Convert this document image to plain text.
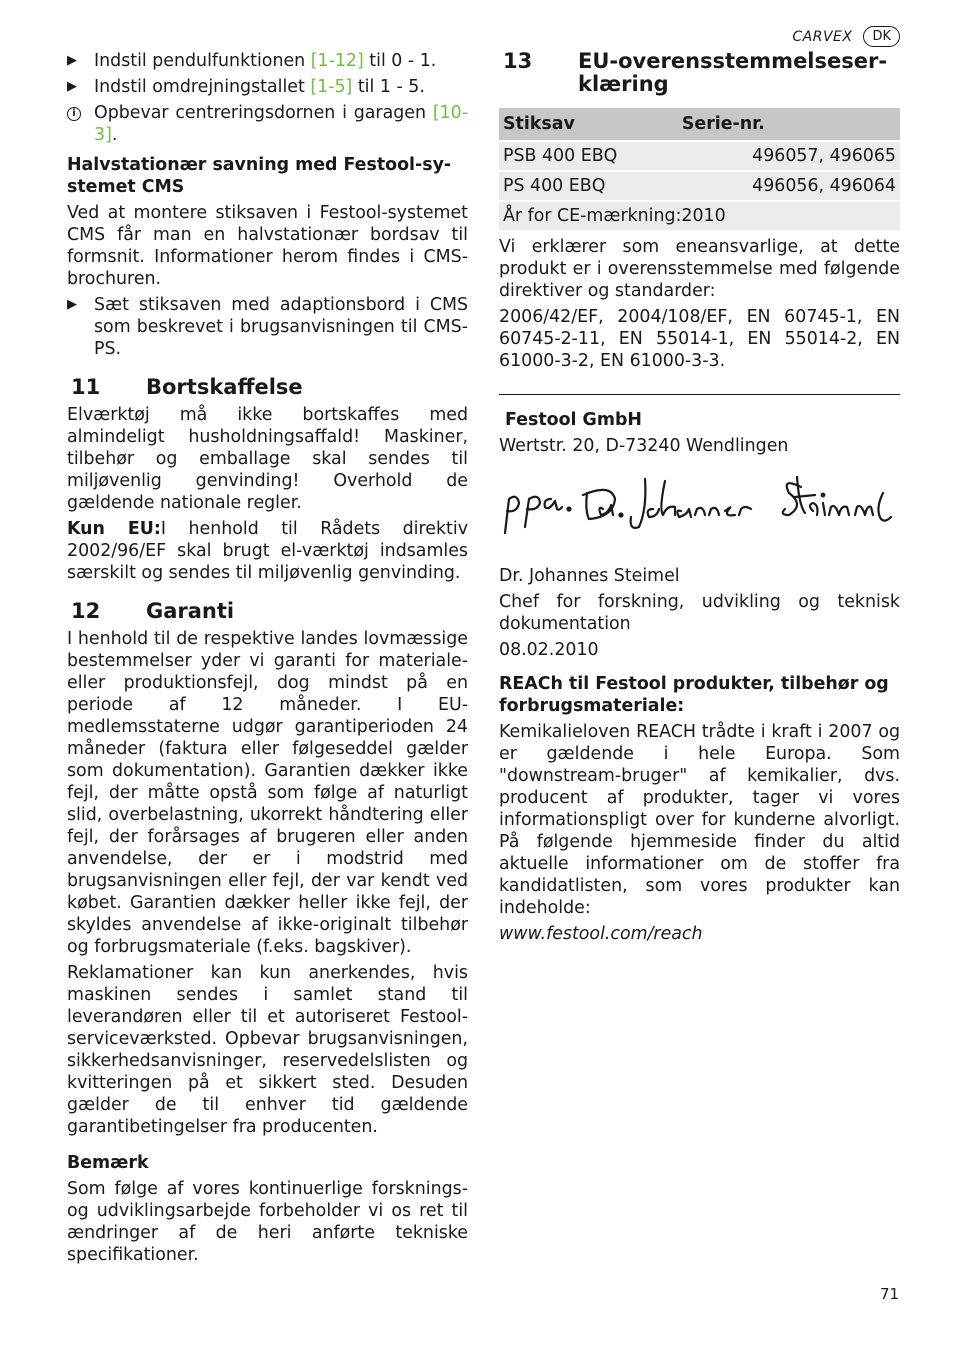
CARVEX	DK
▶ Indstil pendulfunktionen [1-12] til 0 - 1.
▶ Indstil omdrejningstallet [1-5] til 1 - 5.
i	Opbevar centreringsdornen i garagen [10-3].
Halvstationær savning med Festool-sy-stemet CMS

Ved at montere stiksaven i Festool-systemet CMS får man en halvstationær bordsav til formsnit. Informationer herom findes i CMS-brochuren.

▶ Sæt stiksaven med adaptionsbord i CMS som beskrevet i brugsanvisningen til CMS-PS.
11	Bortskaffelse

Elværktøj må ikke bortskaffes med almindeligt husholdningsaffald! Maskiner, tilbehør og emballage skal sendes til miljøvenlig genvinding! Overhold de gældende nationale regler.

Kun EU:I henhold til Rådets direktiv 2002/96/EF skal brugt el-værktøj indsamles særskilt og sendes til miljøvenlig genvinding.

12	Garanti

I henhold til de respektive landes lovmæssige bestemmelser yder vi garanti for materiale- eller produktionsfejl, dog mindst på en periode af 12 måneder. I EU-medlemsstaterne udgør garantiperioden 24 måneder (faktura eller følgeseddel gælder som dokumentation). Garantien dækker ikke fejl, der måtte opstå som følge af naturligt slid, overbelastning, ukorrekt håndtering eller fejl, der forårsages af brugeren eller anden anvendelse, der er i modstrid med brugsanvisningen eller fejl, der var kendt ved købet. Garantien dækker heller ikke fejl, der skyldes anvendelse af ikke-originalt tilbehør og forbrugsmateriale (f.eks. bagskiver).

Reklamationer kan kun anerkendes, hvis maskinen sendes i samlet stand til leverandøren eller til et autoriseret Festool-serviceværksted. Opbevar brugsanvisningen, sikkerhedsanvisninger, reservedelslisten og kvitteringen på et sikkert sted. Desuden gælder de til enhver tid gældende garantibetingelser fra producenten.

Bemærk

Som følge af vores kontinuerlige forsknings- og udviklingsarbejde forbeholder vi os ret til ændringer af de heri anførte tekniske specifikationer.

13	EU-overensstemmelseser-klæring
Stiksav	Serie-nr.
PSB 400 EBQ	496057, 496065
PS 400 EBQ	496056, 496064
År for CE-mærkning:2010	

Vi erklærer som eneansvarlige, at dette produkt er i overensstemmelse med følgende direktiver og standarder:

2006/42/EF, 2004/108/EF, EN 60745-1, EN 60745-2-11, EN 55014-1, EN 55014-2, EN 61000-3-2, EN 61000-3-3.

Festool GmbH

Wertstr. 20, D-73240 Wendlingen

Dr. Johannes Steimel

Chef for forskning, udvikling og teknisk dokumentation

08.02.2010

REACh til Festool produkter, tilbehør og forbrugsmateriale:

Kemikalieloven REACH trådte i kraft i 2007 og er gældende i hele Europa. Som "downstream-bruger" af kemikalier, dvs. producent af produkter, tager vi vores informationspligt over for kunderne alvorligt. På følgende hjemmeside finder du altid aktuelle informationer om de stoffer fra kandidatlisten, som vores produkter kan indeholde:

www.festool.com/reach

71
